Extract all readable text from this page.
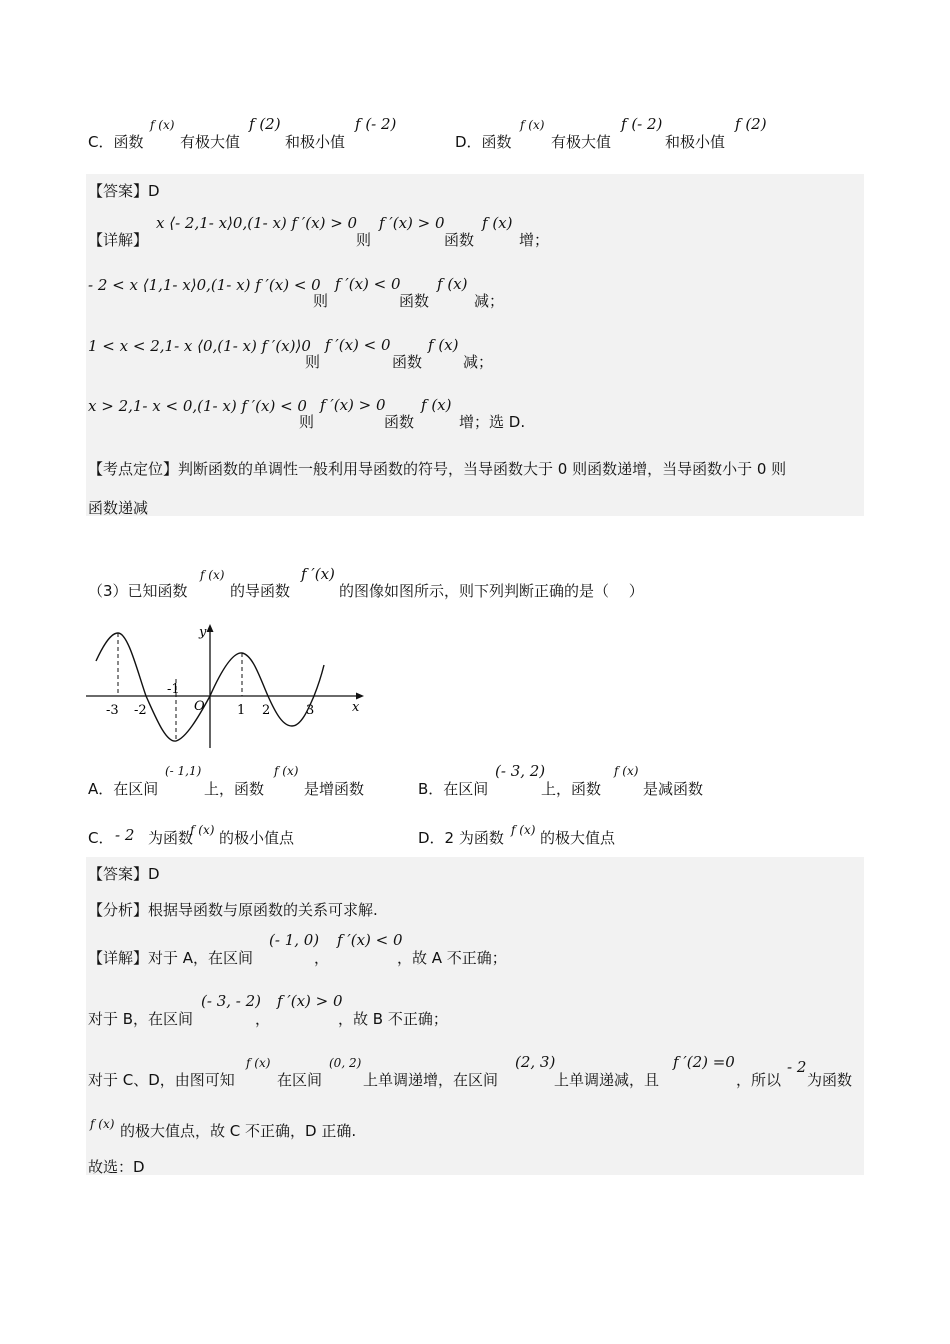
C．函数
f (x)
有极大值
f (2)
和极小值
f (- 2)
D．函数
f (x)
有极大值
f (- 2)
和极小值
f (2)
【答案】D
【详解】
x ⟨- 2,1- x⟩0,(1- x) f ′(x) > 0
则
f ′(x) > 0
函数
f (x)
增；
- 2 < x ⟨1,1- x⟩0,(1- x) f ′(x) < 0
则
f ′(x) < 0
函数
f (x)
减；
1 < x < 2,1- x ⟨0,(1- x) f ′(x)⟩0
则
f ′(x) < 0
函数
f (x)
减；
x > 2,1- x < 0,(1- x) f ′(x) < 0
则
f ′(x) > 0
函数
f (x)
增；选 D.
【考点定位】判断函数的单调性一般利用导函数的符号，当导函数大于 0 则函数递增，当导函数小于 0 则
函数递减
（3）已知函数
f (x)
的导函数
f ′(x)
的图像如图所示，则下列判断正确的是（　 ）
y
x
O
-3 -2
-1
1 2	3
A．在区间
(- 1,1)
上，函数
f (x)
是增函数	B．在区间
(- 3, 2)
上，函数
f (x)
是减函数
C． - 2 为函数
f (x) 的极小值点	D．2 为函数 f (x) 的极大值点
【答案】D
【分析】根据导函数与原函数的关系可求解.
【详解】对于 A，在区间
(- 1, 0)
，
f ′(x) < 0
，故 A 不正确；
对于 B，在区间
(- 3, - 2)
，
f ′(x) > 0
，故 B 不正确；
对于 C、D，由图可知
f (x)
在区间
(0, 2)
上单调递增，在区间
(2, 3)
上单调递减，且
f ′(2) =0
，所以
- 2
为函数
f (x) 的极大值点，故 C 不正确，D 正确.
故选：D
